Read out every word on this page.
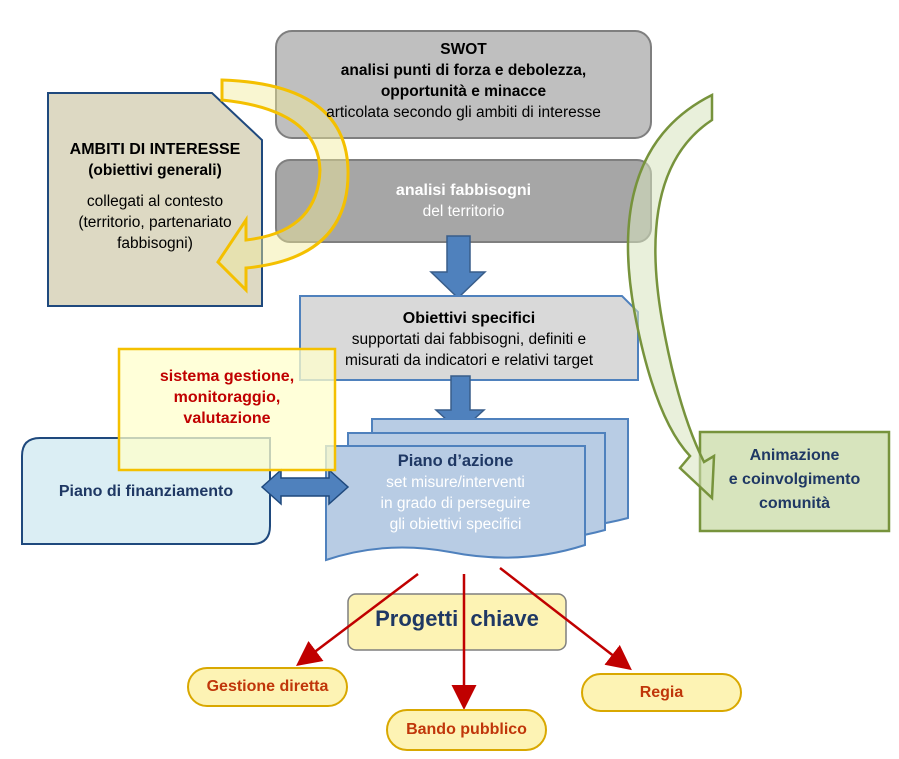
SWOT
analisi punti di forza e debolezza,
opportunità e minacce
articolata secondo gli ambiti di interesse
analisi fabbisogni
del territorio
AMBITI DI INTERESSE
(obiettivi generali)
collegati al contesto
(territorio, partenariato
fabbisogni)
Obiettivi specifici
supportati dai fabbisogni, definiti e
misurati da indicatori e relativi target
sistema gestione,
monitoraggio,
valutazione
Piano di finanziamento
Piano d’azione
set misure/interventi
in grado di perseguire
gli obiettivi specifici
Animazione
e coinvolgimento
comunità
Progetti  chiave
Gestione diretta
Bando pubblico
Regia
